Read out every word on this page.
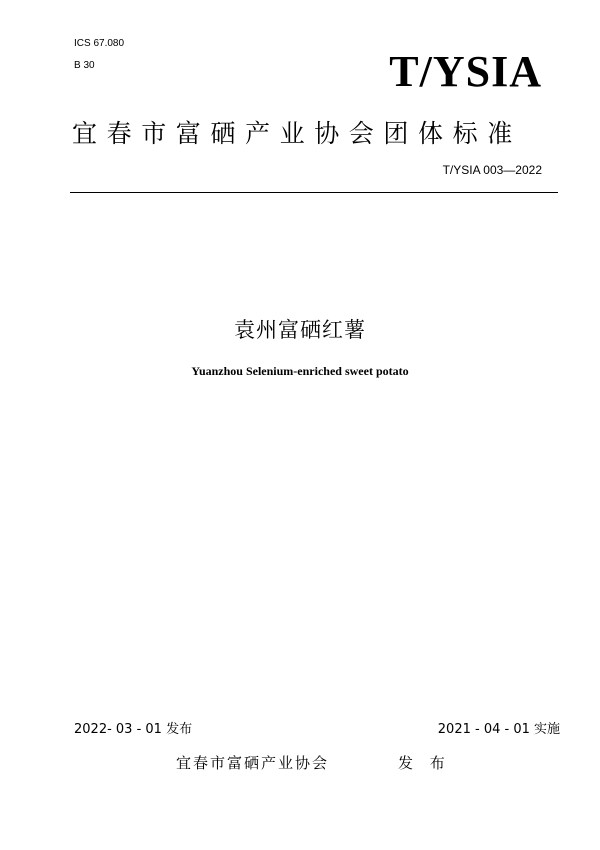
ICS 67.080
B 30	T/YSIA
宜春市富硒产业协会团体标准
T/YSIA 003—2022
袁州富硒红薯
Yuanzhou Selenium-enriched sweet potato
2022- 03 - 01 发布	2021 - 04 - 01 实施
宜春市富硒产业协会	发 布
